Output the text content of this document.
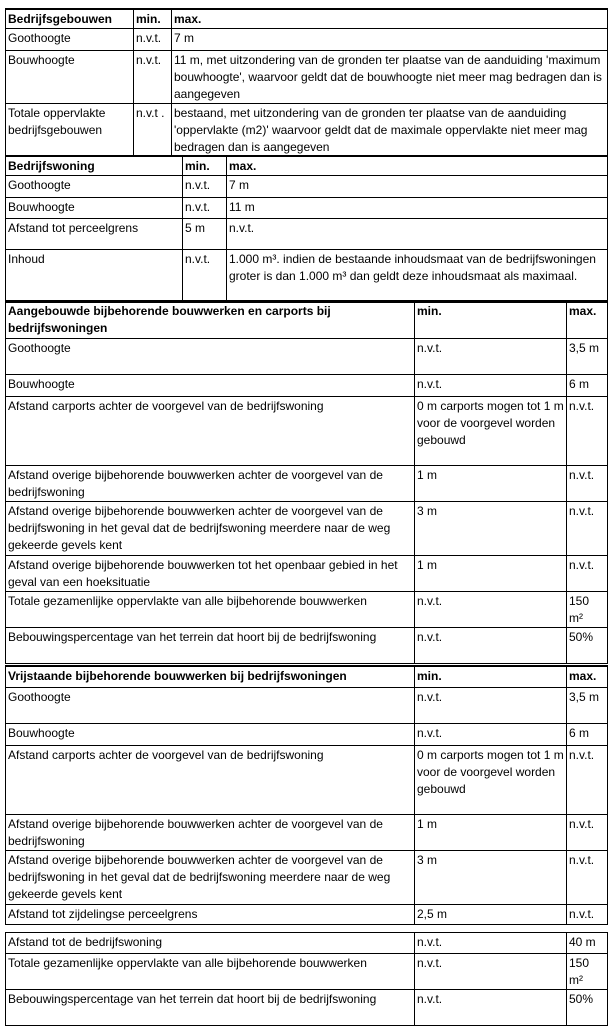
Bedrijfsgebouwen	min.	max.
Goothoogte	n.v.t.	7 m
Bouwhoogte	n.v.t.	11 m, met uitzondering van de gronden ter plaatse van de aanduiding 'maximum bouwhoogte', waarvoor geldt dat de bouwhoogte niet meer mag bedragen dan is aangegeven
Totale oppervlakte bedrijfsgebouwen	n.v.t .	bestaand, met uitzondering van de gronden ter plaatse van de aanduiding 'oppervlakte (m2)' waarvoor geldt dat de maximale oppervlakte niet meer mag bedragen dan is aangegeven
Bedrijfswoning	min.	max.
Goothoogte	n.v.t.	7 m
Bouwhoogte	n.v.t.	11 m
Afstand tot perceelgrens	5 m	n.v.t.
Inhoud	n.v.t.	1.000 m³. indien de bestaande inhoudsmaat van de bedrijfswoningen groter is dan 1.000 m³ dan geldt deze inhoudsmaat als maximaal.
Aangebouwde bijbehorende bouwwerken en carports bij bedrijfswoningen	min.	max.
Goothoogte	n.v.t.	3,5 m
Bouwhoogte	n.v.t.	6 m
Afstand carports achter de voorgevel van de bedrijfswoning	0 m carports mogen tot 1 m voor de voorgevel worden gebouwd	n.v.t.
Afstand overige bijbehorende bouwwerken achter de voorgevel van de bedrijfswoning	1 m	n.v.t.
Afstand overige bijbehorende bouwwerken achter de voorgevel van de bedrijfswoning in het geval dat de bedrijfswoning meerdere naar de weg gekeerde gevels kent	3 m	n.v.t.
Afstand overige bijbehorende bouwwerken tot het openbaar gebied in het geval van een hoeksituatie	1 m	n.v.t.
Totale gezamenlijke oppervlakte van alle bijbehorende bouwwerken	n.v.t.	150 m²
Bebouwingspercentage van het terrein dat hoort bij de bedrijfswoning	n.v.t.	50%
Vrijstaande bijbehorende bouwwerken bij bedrijfswoningen	min.	max.
Goothoogte	n.v.t.	3,5 m
Bouwhoogte	n.v.t.	6 m
Afstand carports achter de voorgevel van de bedrijfswoning	0 m carports mogen tot 1 m voor de voorgevel worden gebouwd	n.v.t.
Afstand overige bijbehorende bouwwerken achter de voorgevel van de bedrijfswoning	1 m	n.v.t.
Afstand overige bijbehorende bouwwerken achter de voorgevel van de bedrijfswoning in het geval dat de bedrijfswoning meerdere naar de weg gekeerde gevels kent	3 m	n.v.t.
Afstand tot zijdelingse perceelgrens	2,5 m	n.v.t.
Afstand tot de bedrijfswoning	n.v.t.	40 m
Totale gezamenlijke oppervlakte van alle bijbehorende bouwwerken	n.v.t.	150 m²
Bebouwingspercentage van het terrein dat hoort bij de bedrijfswoning	n.v.t.	50%
